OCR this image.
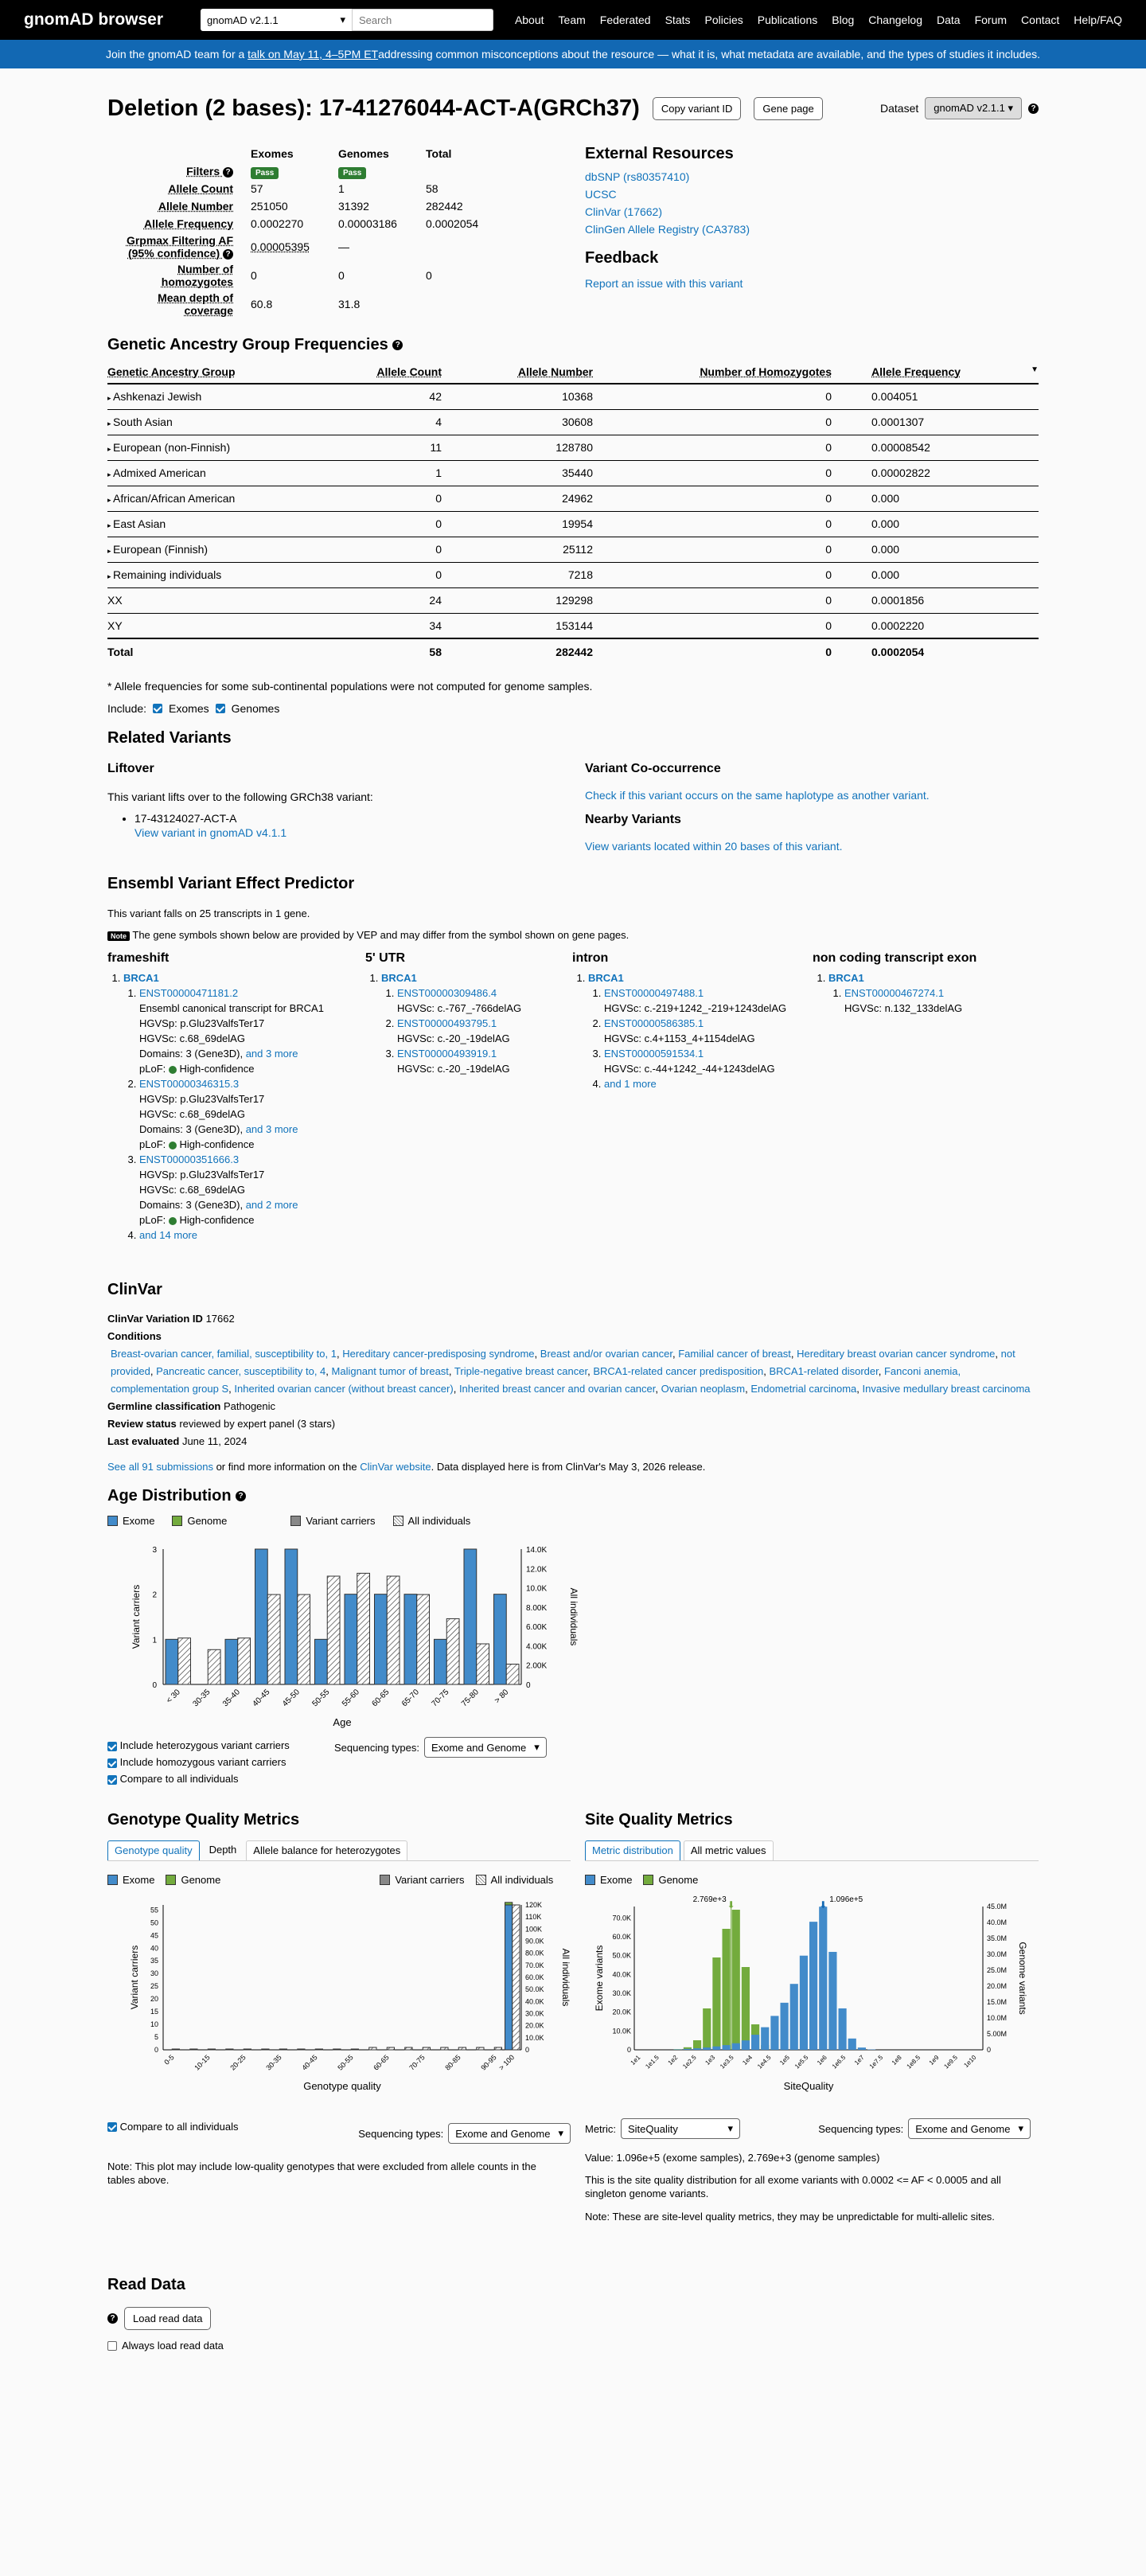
gnomAD browser	gnomAD v2.1.1	▾
Search	About Team Federated Stats Policies Publications Blog Changelog Data Forum Contact Help/FAQ
Join the gnomAD team for a
talk on May 11, 4–5PM ET addressing common misconceptions about the resource — what it is, what metadata are available, and the types of studies it includes.
Deletion (2 bases): 17-41276044-ACT-A(GRCh37)	Copy variant ID	Gene page	Dataset	gnomAD v2.1.1 ▾	?
	Exomes	Genomes	Total
Filters ?	Pass	Pass	
Allele Count	57	1	58
Allele Number	251050	31392	282442
Allele Frequency	0.0002270	0.00003186	0.0002054
Grpmax Filtering AF (95% confidence) ?	0.00005395	—	
Number of homozygotes	0	0	0
Mean depth of coverage	60.8	31.8	
External Resources
dbSNP (rs80357410)
UCSC
ClinVar (17662)
ClinGen Allele Registry (CA3783)
Feedback
Report an issue with this variant
Genetic Ancestry Group Frequencies ?
Genetic Ancestry Group	Allele Count	Allele Number	Number of Homozygotes	Allele Frequency ▼

▸ Ashkenazi Jewish	42	10368	0	0.004051
▸ South Asian	4	30608	0	0.0001307
▸ European (non-Finnish)	11	128780	0	0.00008542
▸ Admixed American	1	35440	0	0.00002822
▸ African/African American	0	24962	0	0.000
▸ East Asian	0	19954	0	0.000
▸ European (Finnish)	0	25112	0	0.000
▸ Remaining individuals	0	7218	0	0.000
XX	24	129298	0	0.0001856
XY	34	153144	0	0.0002220
Total	58	282442	0	0.0002054

* Allele frequencies for some sub-continental populations were not computed for genome samples.

Include: Exomes Genomes

Related Variants
Liftover

This variant lifts over to the following GRCh38 variant:

• 17-43124027-ACT-A
View variant in gnomAD v4.1.1
Variant Co-occurrence
Check if this variant occurs on the same haplotype as another variant.
Nearby Variants
View variants located within 20 bases of this variant.
Ensembl Variant Effect Predictor

This variant falls on 25 transcripts in 1 gene.

Note The gene symbols shown below are provided by VEP and may differ from the symbol shown on gene pages.

frameshift
1. BRCA1
1. ENST00000471181.2
Ensembl canonical transcript for BRCA1
HGVSp: p.Glu23ValfsTer17
HGVSc: c.68_69delAG
Domains: 3 (Gene3D), and 3 more
pLoF: High-confidence
2. ENST00000346315.3
HGVSp: p.Glu23ValfsTer17
HGVSc: c.68_69delAG
Domains: 3 (Gene3D), and 3 more
pLoF: High-confidence
3. ENST00000351666.3
HGVSp: p.Glu23ValfsTer17
HGVSc: c.68_69delAG
Domains: 3 (Gene3D), and 2 more
pLoF: High-confidence
4. and 14 more
5' UTR
1. BRCA1
1. ENST00000309486.4
HGVSc: c.-767_-766delAG
2. ENST00000493795.1
HGVSc: c.-20_-19delAG
3. ENST00000493919.1
HGVSc: c.-20_-19delAG
intron
1. BRCA1
1. ENST00000497488.1
HGVSc: c.-219+1242_-219+1243delAG
2. ENST00000586385.1
HGVSc: c.4+1153_4+1154delAG
3. ENST00000591534.1
HGVSc: c.-44+1242_-44+1243delAG
4. and 1 more
non coding transcript exon
1. BRCA1
1. ENST00000467274.1
HGVSc: n.132_133delAG
ClinVar
ClinVar Variation ID 17662
Conditions
Breast-ovarian cancer, familial, susceptibility to, 1, Hereditary cancer-predisposing syndrome, Breast and/or ovarian cancer, Familial cancer of breast, Hereditary breast ovarian cancer syndrome, not provided, Pancreatic cancer, susceptibility to, 4, Malignant tumor of breast, Triple-negative breast cancer, BRCA1-related cancer predisposition, BRCA1-related disorder, Fanconi anemia, complementation group S, Inherited ovarian cancer (without breast cancer), Inherited breast cancer and ovarian cancer, Ovarian neoplasm, Endometrial carcinoma, Invasive medullary breast carcinoma
Germline classification Pathogenic
Review status reviewed by expert panel (3 stars)
Last evaluated June 11, 2024
See all 91 submissions or find more information on the ClinVar website. Data displayed here is from ClinVar's May 3, 2026 release.
Age Distribution ?
Exome	Genome	Variant carriers	All individuals
0
1
2
3
0
2.00K
4.00K
6.00K
8.00K
10.0K
12.0K
14.0K
< 30 30-35 35-40 40-45 45-50 50-55 55-60 60-65 65-70 70-75 75-80 > 80
Variant carriers	All individuals
Age
Include heterozygous variant carriers
Include homozygous variant carriers
Compare to all individuals
Sequencing types: Exome and Genome ▾
Genotype Quality Metrics
Genotype quality	Depth	Allele balance for heterozygotes
Exome	Genome	Variant carriers	All individuals
0
5
10
15
20
25
30
35
40
45
50
55
0
10.0K
20.0K
30.0K
40.0K
50.0K
60.0K
70.0K
80.0K
90.0K
100K
110K
120K
0-5 10-15 20-25 30-35 40-45 50-55 60-65 70-75 80-85 90-95 > 100
Variant carriers	All individuals
Genotype quality
Compare to all individuals
Sequencing types: Exome and Genome ▾

Note: This plot may include low-quality genotypes that were excluded from allele counts in the tables above.

Site Quality Metrics
Metric distribution	All metric values
Exome	Genome
0
10.0K
20.0K
30.0K
40.0K
50.0K
60.0K
70.0K
0
5.00M
10.0M
15.0M
20.0M
25.0M
30.0M
35.0M
40.0M
45.0M
1e1 1e1.5 1e2 1e2.5 1e3 1e3.5 1e4 1e4.5 1e5 1e5.5 1e6 1e6.5 1e7 1e7.5 1e8 1e8.5 1e9 1e9.5 1e10
2.769e+3 ⬇	1.096e+5
⬇
Exome variants	Genome variants
SiteQuality
Metric: SiteQuality	▾	Sequencing types: Exome and Genome ▾

Value: 1.096e+5 (exome samples), 2.769e+3 (genome samples)

This is the site quality distribution for all exome variants with 0.0002 <= AF < 0.0005 and all singleton genome variants.

Note: These are site-level quality metrics, they may be unpredictable for multi-allelic sites.

Read Data
?	Load read data
Always load read data
